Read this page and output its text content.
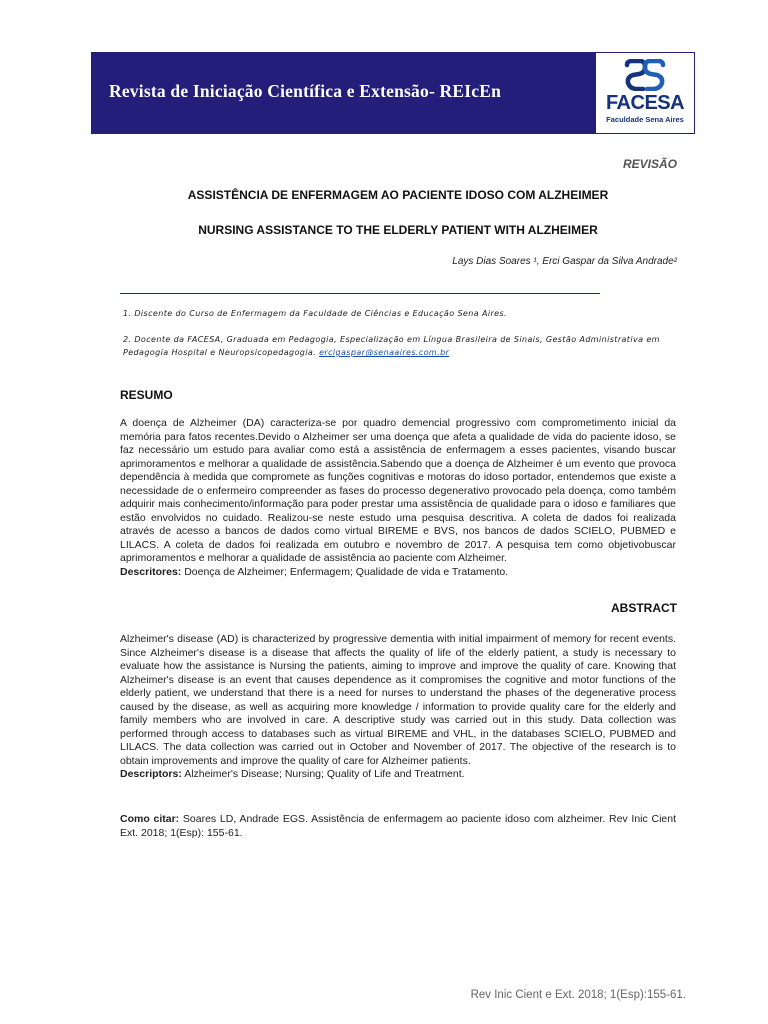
Revista de Iniciação Científica e Extensão- REIcEn
FACESA
Faculdade Sena Aires
REVISÃO
ASSISTÊNCIA DE ENFERMAGEM AO PACIENTE IDOSO COM ALZHEIMER
NURSING ASSISTANCE TO THE ELDERLY PATIENT WITH ALZHEIMER
Lays Dias Soares ¹, Erci Gaspar da Silva Andrade²
1. Discente do Curso de Enfermagem da Faculdade de Ciências e Educação Sena Aires.
2. Docente da FACESA, Graduada em Pedagogia, Especialização em Língua Brasileira de Sinais, Gestão Administrativa em Pedagogia Hospital e Neuropsicopedagogia. ercigaspar@senaaires.com.br
RESUMO
A doença de Alzheimer (DA) caracteriza-se por quadro demencial progressivo com comprometimento inicial da memória para fatos recentes.Devido o Alzheimer ser uma doença que afeta a qualidade de vida do paciente idoso, se faz necessário um estudo para avaliar como está a assistência de enfermagem a esses pacientes, visando buscar aprimoramentos e melhorar a qualidade de assistência.Sabendo que a doença de Alzheimer é um evento que provoca dependência à medida que compromete as funções cognitivas e motoras do idoso portador, entendemos que existe a necessidade de o enfermeiro compreender as fases do processo degenerativo provocado pela doença, como também adquirir mais conhecimento/informação para poder prestar uma assistência de qualidade para o idoso e familiares que estão envolvidos no cuidado. Realizou-se neste estudo uma pesquisa descritiva. A coleta de dados foi realizada através de acesso a bancos de dados como virtual BIREME e BVS, nos bancos de dados SCIELO, PUBMED e LILACS. A coleta de dados foi realizada em outubro e novembro de 2017. A pesquisa tem como objetivobuscar aprimoramentos e melhorar a qualidade de assistência ao paciente com Alzheimer.
Descritores: Doença de Alzheimer; Enfermagem; Qualidade de vida e Tratamento.
ABSTRACT
Alzheimer's disease (AD) is characterized by progressive dementia with initial impairment of memory for recent events. Since Alzheimer's disease is a disease that affects the quality of life of the elderly patient, a study is necessary to evaluate how the assistance is Nursing the patients, aiming to improve and improve the quality of care. Knowing that Alzheimer's disease is an event that causes dependence as it compromises the cognitive and motor functions of the elderly patient, we understand that there is a need for nurses to understand the phases of the degenerative process caused by the disease, as well as acquiring more knowledge / information to provide quality care for the elderly and family members who are involved in care. A descriptive study was carried out in this study. Data collection was performed through access to databases such as virtual BIREME and VHL, in the databases SCIELO, PUBMED and LILACS. The data collection was carried out in October and November of 2017. The objective of the research is to obtain improvements and improve the quality of care for Alzheimer patients.
Descriptors: Alzheimer's Disease; Nursing; Quality of Life and Treatment.
Como citar: Soares LD, Andrade EGS. Assistência de enfermagem ao paciente idoso com alzheimer. Rev Inic Cient Ext. 2018; 1(Esp): 155-61.
Rev Inic Cient e Ext. 2018; 1(Esp):155-61.
